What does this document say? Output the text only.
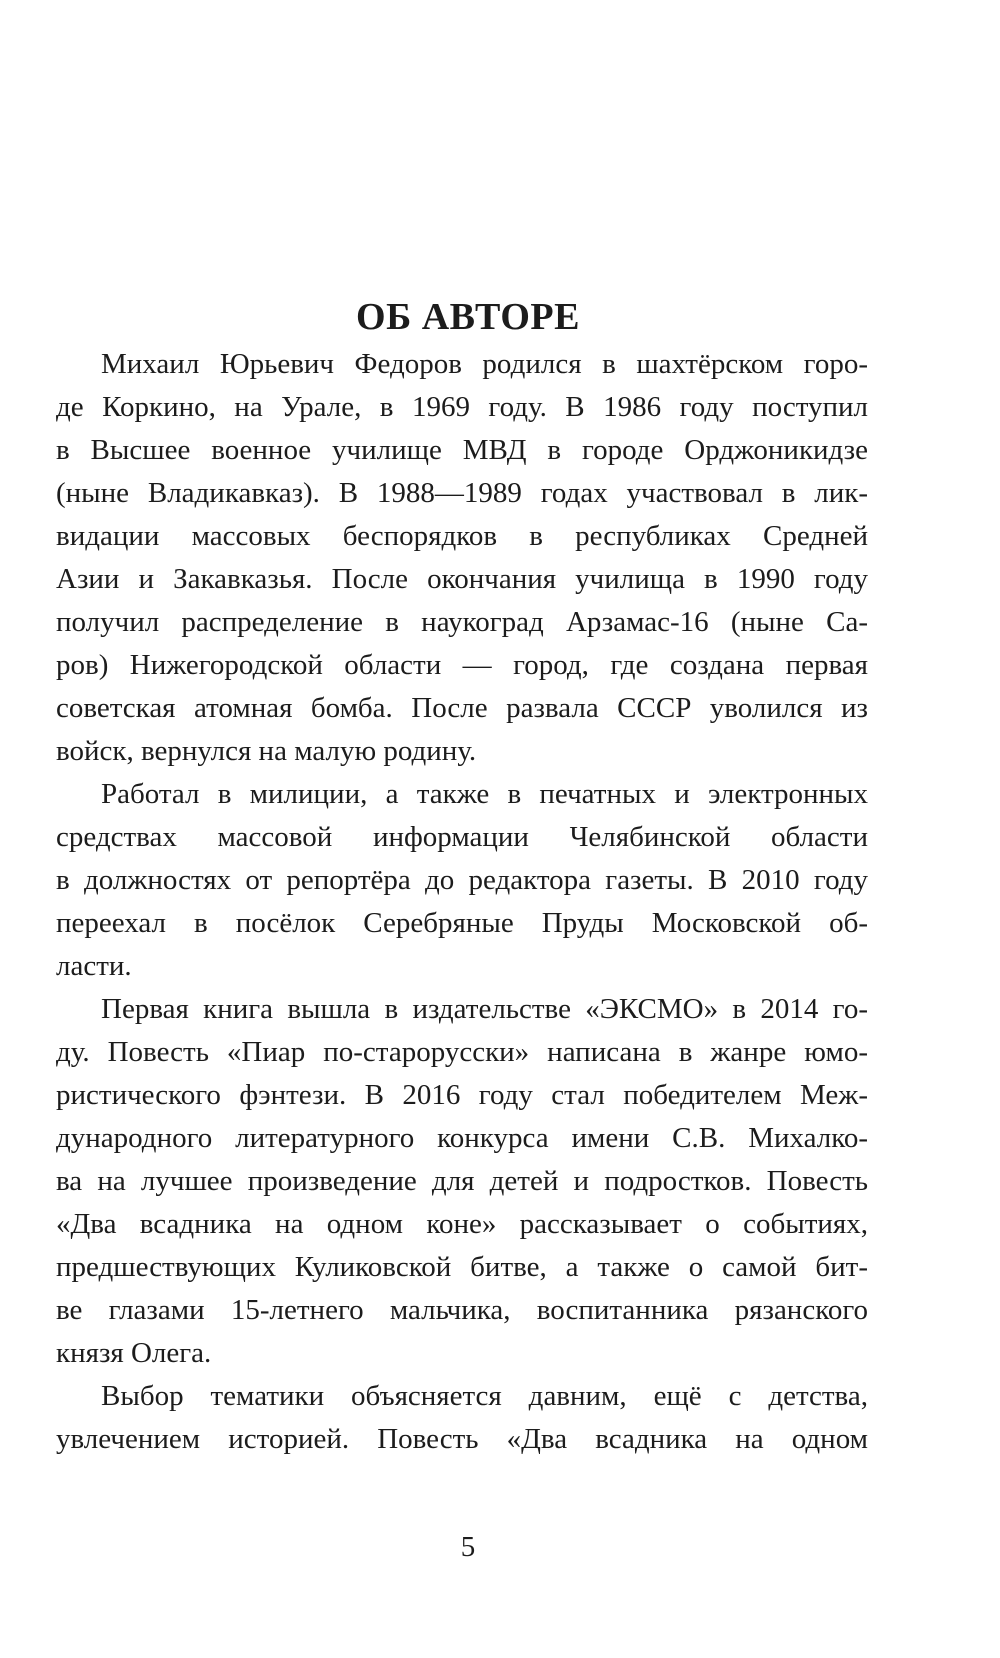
ОБ АВТОРЕ
Михаил Юрьевич Федоров родился в шахтёрском горо-
де Коркино, на Урале, в 1969 году. В 1986 году поступил
в Высшее военное училище МВД в городе Орджоникидзе
(ныне Владикавказ). В 1988—1989 годах участвовал в лик-
видации массовых беспорядков в республиках Средней
Азии и Закавказья. После окончания училища в 1990 году
получил распределение в наукоград Арзамас-16 (ныне Са-
ров) Нижегородской области — город, где создана первая
советская атомная бомба. После развала СССР уволился из
войск, вернулся на малую родину.
Работал в милиции, а также в печатных и электронных
средствах массовой информации Челябинской области
в должностях от репортёра до редактора газеты. В 2010 году
переехал в посёлок Серебряные Пруды Московской об-
ласти.
Первая книга вышла в издательстве «ЭКСМО» в 2014 го-
ду. Повесть «Пиар по-старорусски» написана в жанре юмо-
ристического фэнтези. В 2016 году стал победителем Меж-
дународного литературного конкурса имени С.В. Михалко-
ва на лучшее произведение для детей и подростков. Повесть
«Два всадника на одном коне» рассказывает о событиях,
предшествующих Куликовской битве, а также о самой бит-
ве глазами 15-летнего мальчика, воспитанника рязанского
князя Олега.
Выбор тематики объясняется давним, ещё с детства,
увлечением историей. Повесть «Два всадника на одном
5
